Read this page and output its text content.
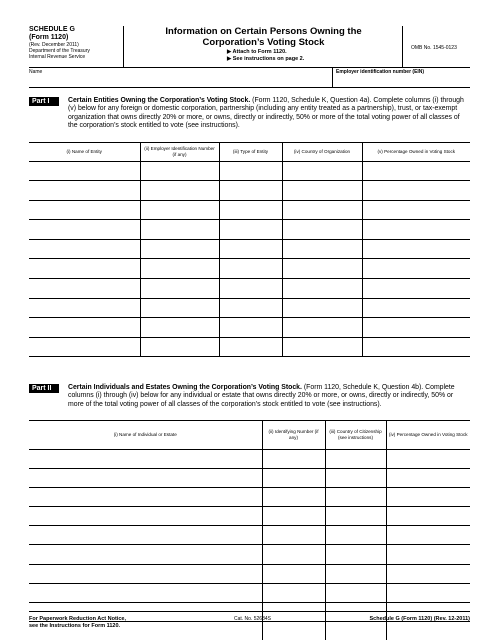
SCHEDULE G
(Form 1120)
(Rev. December 2011)
Department of the Treasury
Internal Revenue Service
Information on Certain Persons Owning the
Corporation’s Voting Stock
▶ Attach to Form 1120.
▶ See instructions on page 2.
OMB No. 1545-0123
Name	Employer identification number (EIN)
Part I	Certain Entities Owning the Corporation’s Voting Stock. (Form 1120, Schedule K, Question 4a). Complete columns (i) through (v) below for any foreign or domestic corporation, partnership (including any entity treated as a partnership), trust, or tax-exempt organization that owns directly 20% or more, or owns, directly or indirectly, 50% or more of the total voting power of all classes of the corporation’s stock entitled to vote (see instructions).
(i) Name of Entity	(ii) Employer Identification Number (if any)	(iii) Type of Entity	(iv) Country of Organization	(v) Percentage Owned in Voting Stock

Part II	Certain Individuals and Estates Owning the Corporation’s Voting Stock. (Form 1120, Schedule K, Question 4b). Complete columns (i) through (iv) below for any individual or estate that owns directly 20% or more, or owns, directly or indirectly, 50% or more of the total voting power of all classes of the corporation’s stock entitled to vote (see instructions).
(i) Name of Individual or Estate	(ii) Identifying Number (if any)	(iii) Country of Citizenship (see instructions)	(iv) Percentage Owned in Voting Stock

For Paperwork Reduction Act Notice,
see the Instructions for Form 1120.
Cat. No. 52684S	Schedule G (Form 1120) (Rev. 12-2011)
